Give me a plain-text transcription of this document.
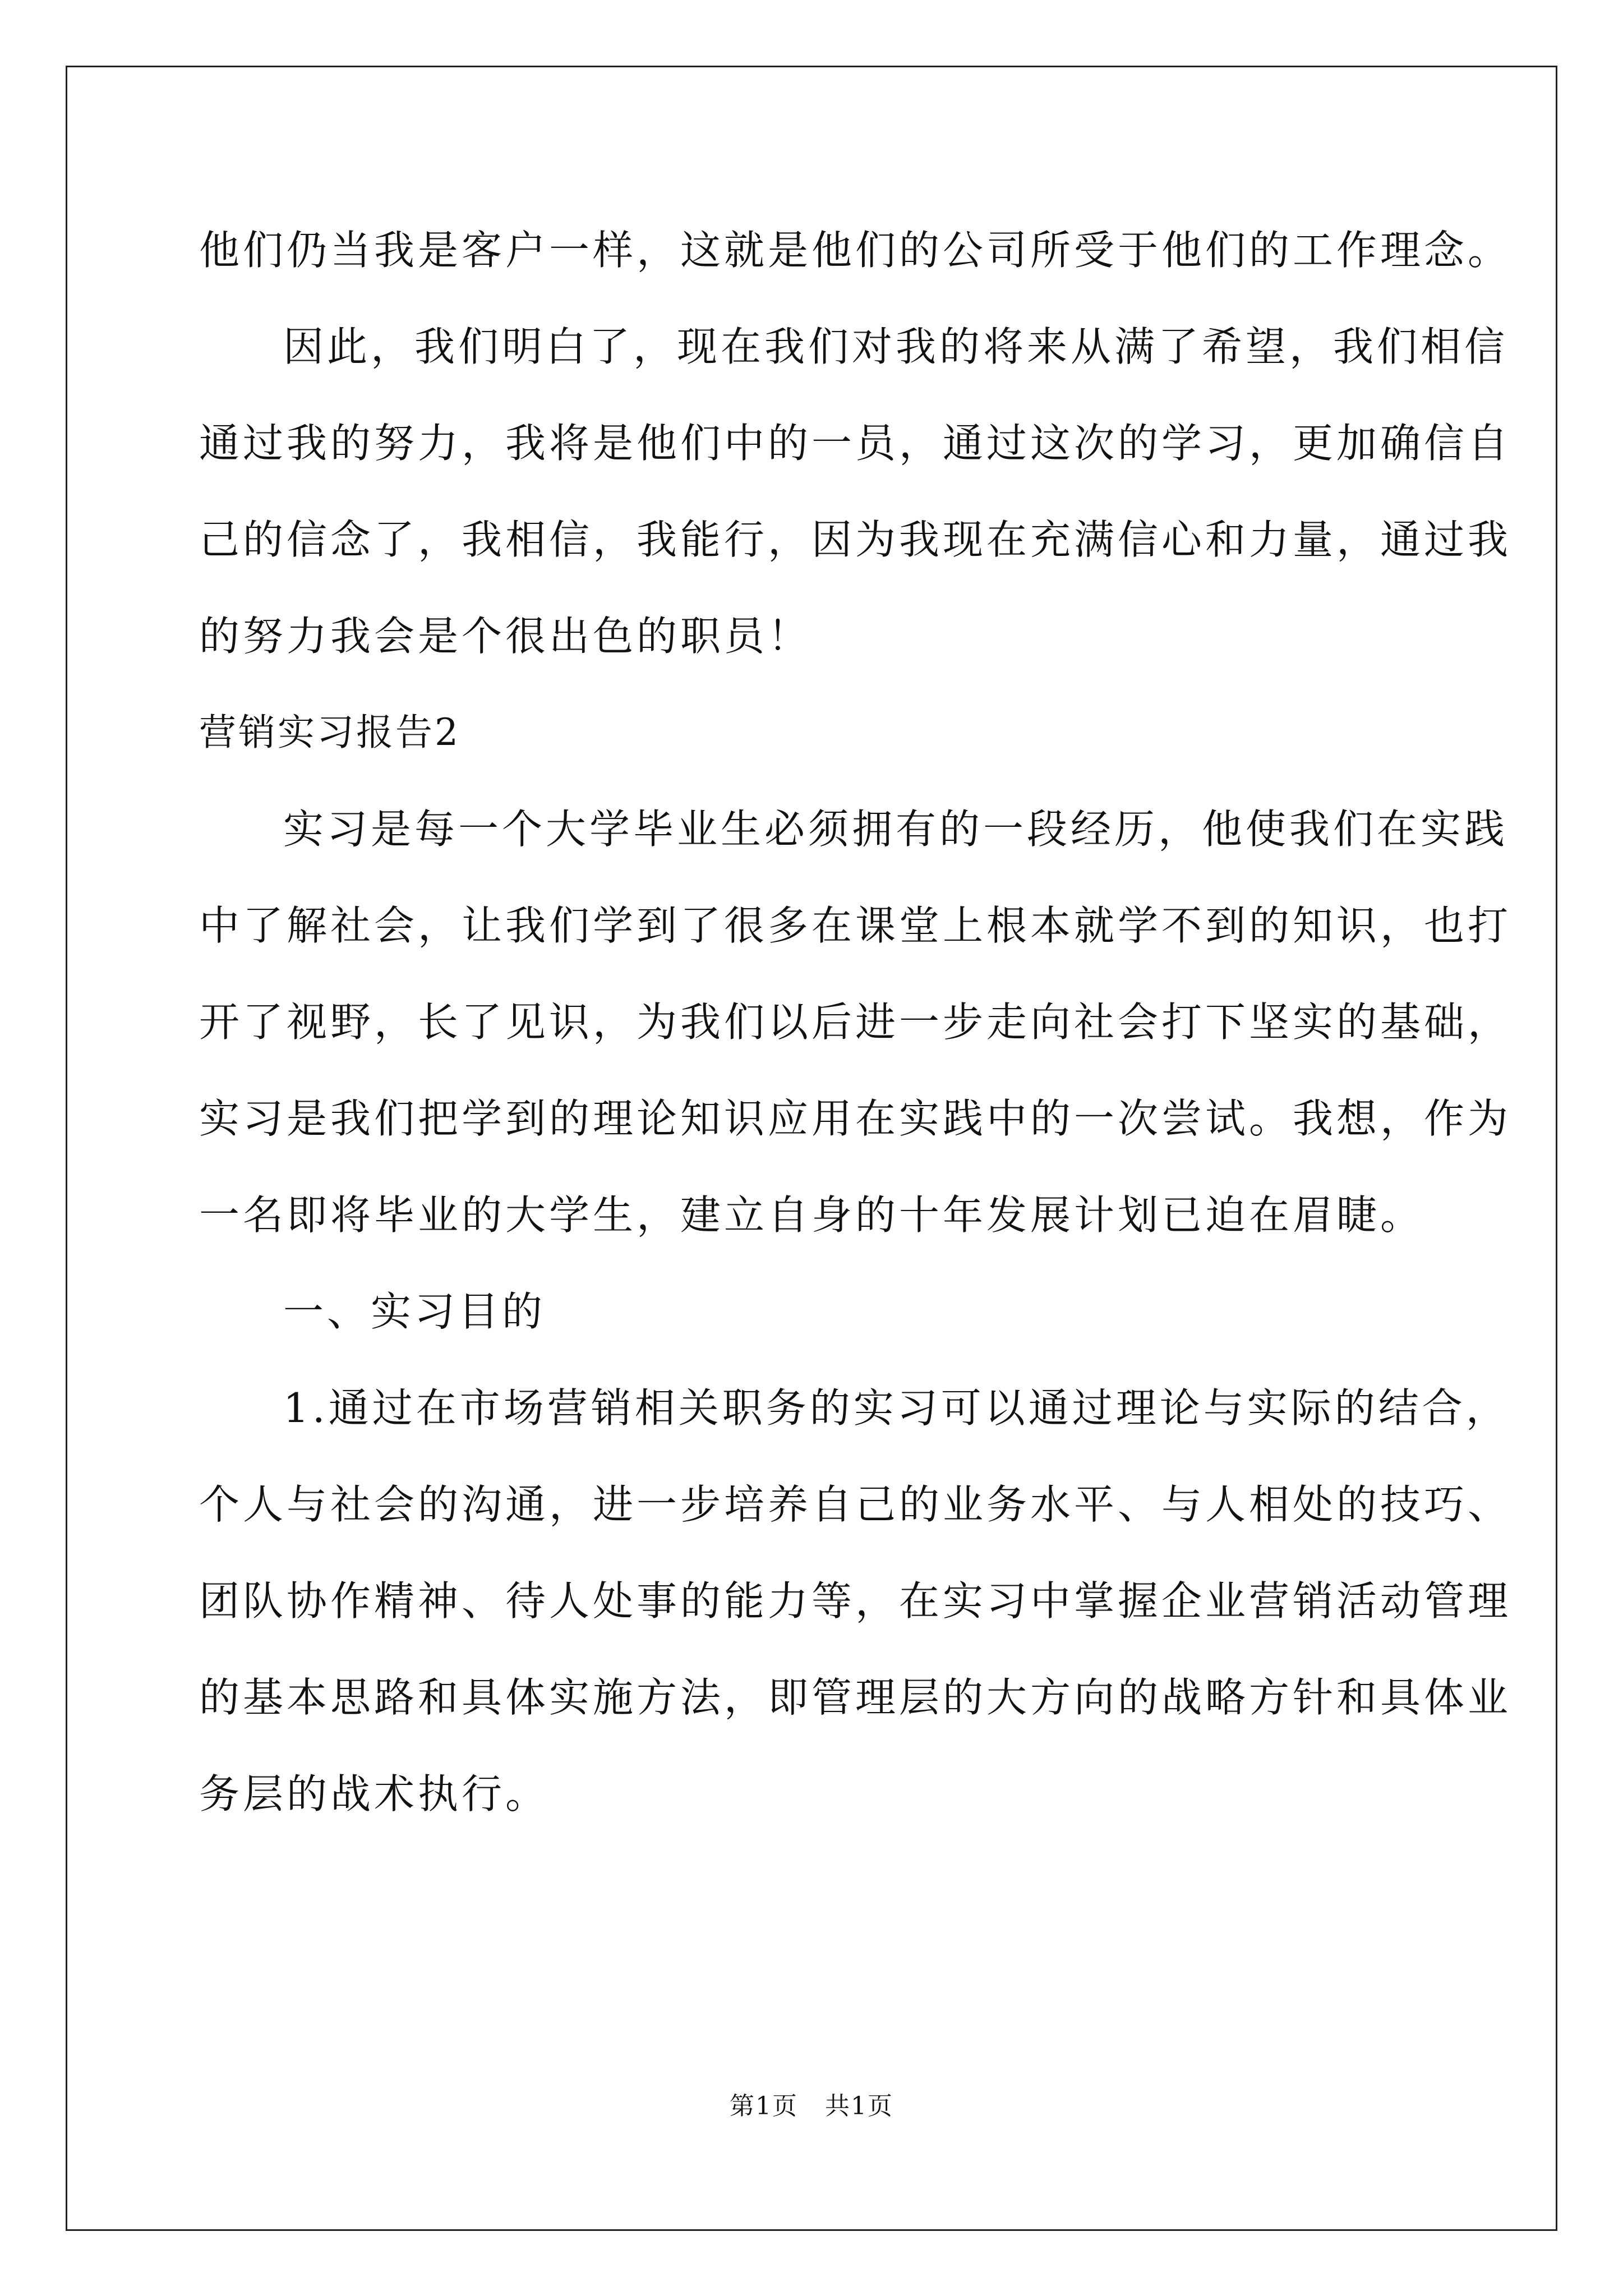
他们仍当我是客户一样，这就是他们的公司所受于他们的工作理念。
因此，我们明白了，现在我们对我的将来从满了希望，我们相信
通过我的努力，我将是他们中的一员，通过这次的学习，更加确信自
己的信念了，我相信，我能行，因为我现在充满信心和力量，通过我
的努力我会是个很出色的职员！
营销实习报告2
实习是每一个大学毕业生必须拥有的一段经历，他使我们在实践
中了解社会，让我们学到了很多在课堂上根本就学不到的知识，也打
开了视野，长了见识，为我们以后进一步走向社会打下坚实的基础，
实习是我们把学到的理论知识应用在实践中的一次尝试。我想，作为
一名即将毕业的大学生，建立自身的十年发展计划已迫在眉睫。
一、实习目的
1.通过在市场营销相关职务的实习可以通过理论与实际的结合，
个人与社会的沟通，进一步培养自己的业务水平、与人相处的技巧、
团队协作精神、待人处事的能力等，在实习中掌握企业营销活动管理
的基本思路和具体实施方法，即管理层的大方向的战略方针和具体业
务层的战术执行。
第1页 共1页
